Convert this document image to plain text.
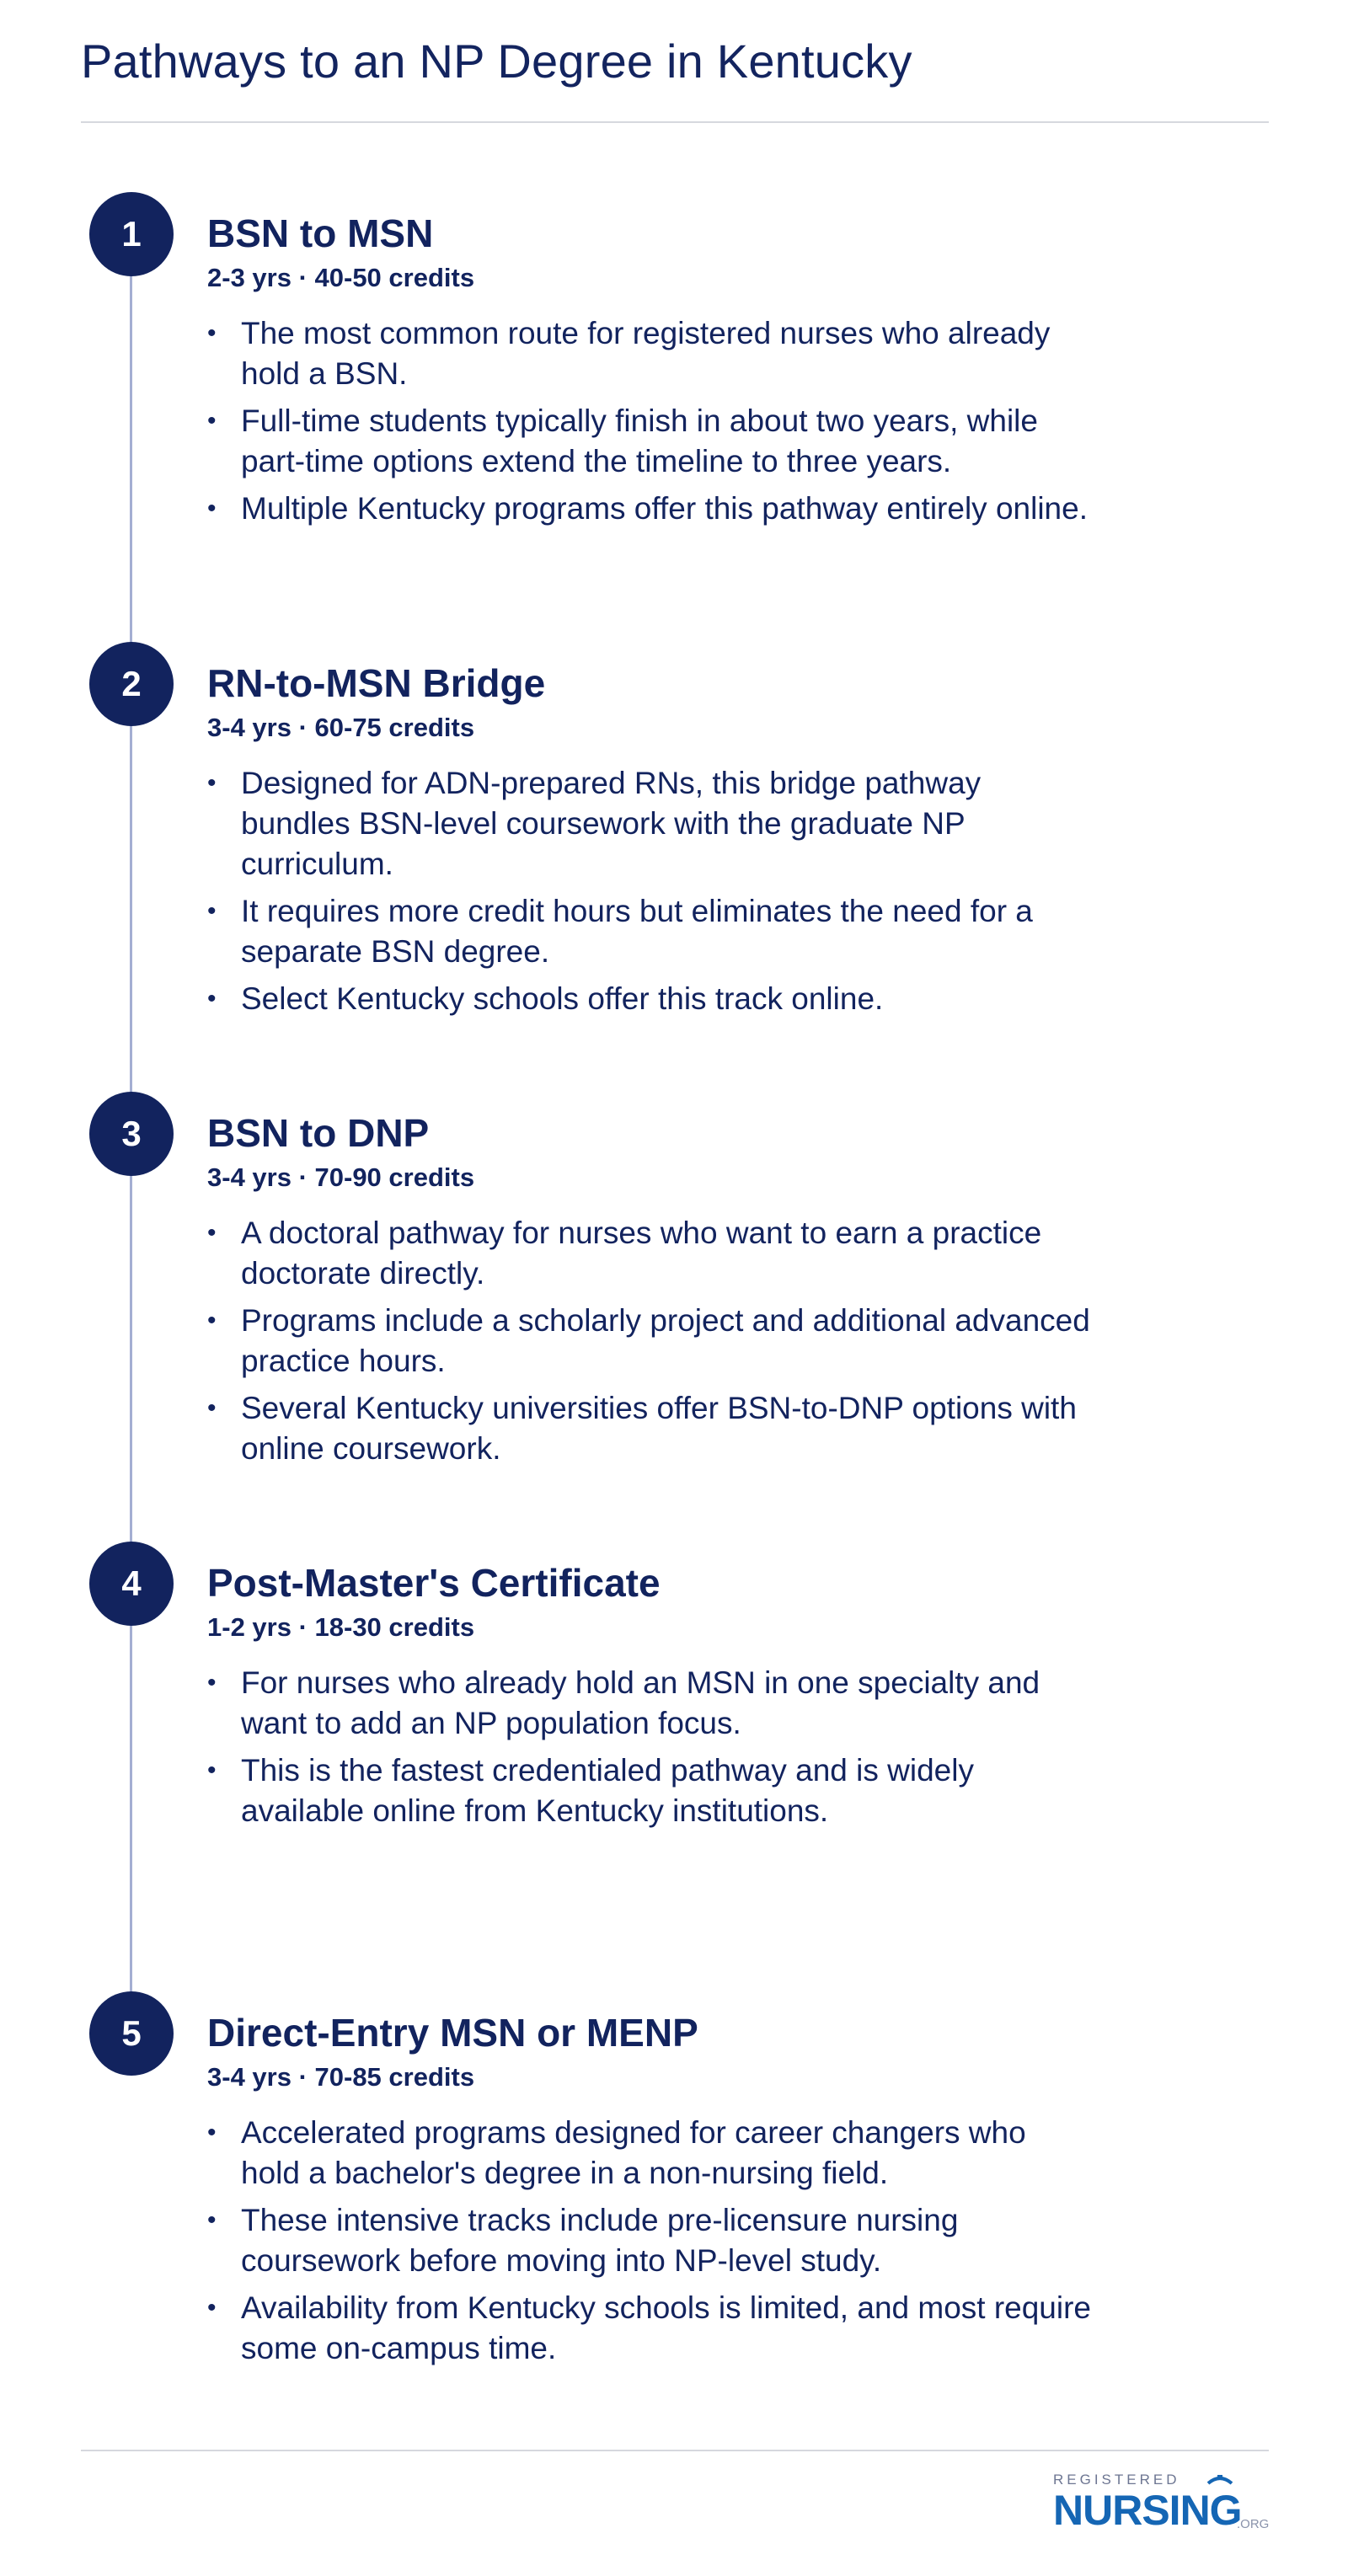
Pathways to an NP Degree in Kentucky
1	BSN to MSN

2-3 yrs · 40-50 credits

• The most common route for registered nurses who already hold a BSN.
• Full-time students typically finish in about two years, while part-time options extend the timeline to three years.
• Multiple Kentucky programs offer this pathway entirely online.
2	RN-to-MSN Bridge

3-4 yrs · 60-75 credits

• Designed for ADN-prepared RNs, this bridge pathway bundles BSN-level coursework with the graduate NP curriculum.
• It requires more credit hours but eliminates the need for a separate BSN degree.
• Select Kentucky schools offer this track online.
3	BSN to DNP

3-4 yrs · 70-90 credits

• A doctoral pathway for nurses who want to earn a practice doctorate directly.
• Programs include a scholarly project and additional advanced practice hours.
• Several Kentucky universities offer BSN-to-DNP options with online coursework.
4	Post-Master's Certificate

1-2 yrs · 18-30 credits

• For nurses who already hold an MSN in one specialty and want to add an NP population focus.
• This is the fastest credentialed pathway and is widely available online from Kentucky institutions.
5	Direct-Entry MSN or MENP

3-4 yrs · 70-85 credits

• Accelerated programs designed for career changers who hold a bachelor's degree in a non-nursing field.
• These intensive tracks include pre-licensure nursing coursework before moving into NP-level study.
• Availability from Kentucky schools is limited, and most require some on-campus time.
REGISTERED
NURSING
.ORG
